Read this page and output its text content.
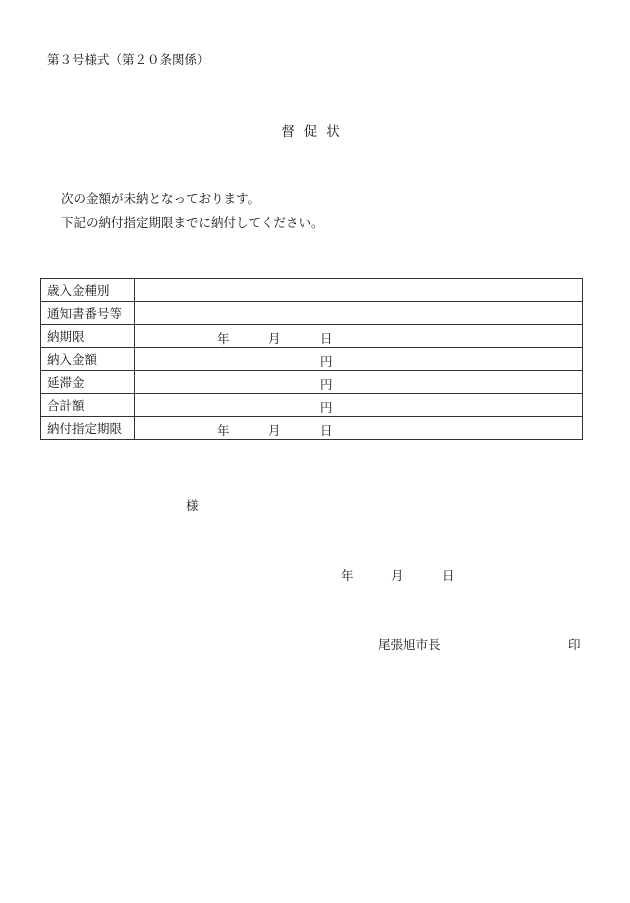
第３号様式（第２０条関係）
督促状
次の金額が未納となっております。
下記の納付指定期限までに納付してください。
歳入金種別	
通知書番号等	
納期限	年 月 日

納入金額	円

延滞金	円

合計額	円

納付指定期限	年 月 日
様
年	月	日
尾張旭市長	印
